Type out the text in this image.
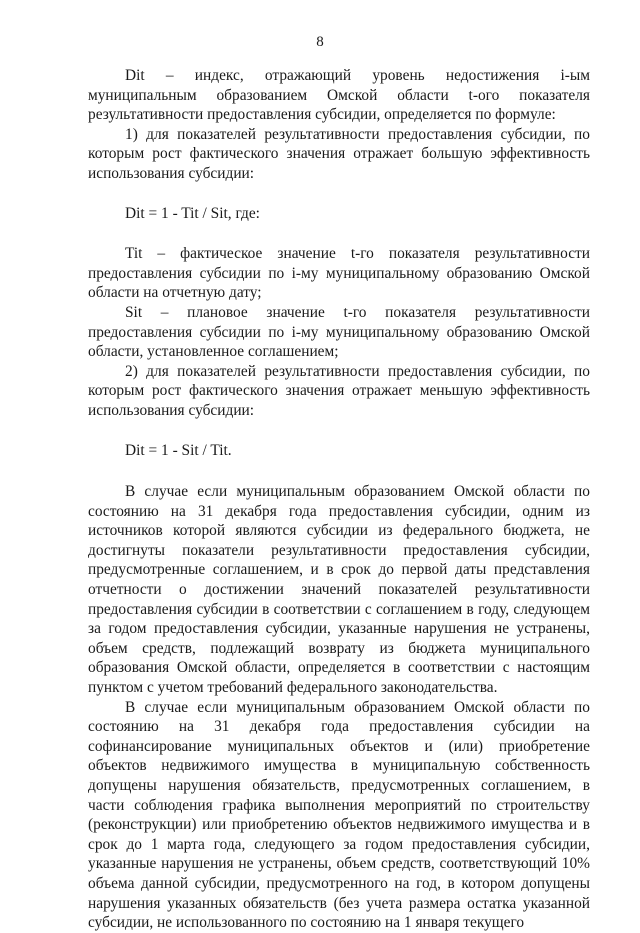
8

Dit – индекс, отражающий уровень недостижения i-ым муниципальным образованием Омской области t-ого показателя результативности предоставления субсидии, определяется по формуле:

1) для показателей результативности предоставления субсидии, по которым рост фактического значения отражает большую эффективность использования субсидии:

Dit = 1 - Tit / Sit, где:

Tit – фактическое значение t-го показателя результативности предоставления субсидии по i-му муниципальному образованию Омской области на отчетную дату;

Sit – плановое значение t-го показателя результативности предоставления субсидии по i-му муниципальному образованию Омской области, установленное соглашением;

2) для показателей результативности предоставления субсидии, по которым рост фактического значения отражает меньшую эффективность использования субсидии:

Dit = 1 - Sit / Tit.

В случае если муниципальным образованием Омской области по состоянию на 31 декабря года предоставления субсидии, одним из источников которой являются субсидии из федерального бюджета, не достигнуты показатели результативности предоставления субсидии, предусмотренные соглашением, и в срок до первой даты представления отчетности о достижении значений показателей результативности предоставления субсидии в соответствии с соглашением в году, следующем за годом предоставления субсидии, указанные нарушения не устранены, объем средств, подлежащий возврату из бюджета муниципального образования Омской области, определяется в соответствии с настоящим пунктом с учетом требований федерального законодательства.

В случае если муниципальным образованием Омской области по состоянию на 31 декабря года предоставления субсидии на софинансирование муниципальных объектов и (или) приобретение объектов недвижимого имущества в муниципальную собственность допущены нарушения обязательств, предусмотренных соглашением, в части соблюдения графика выполнения мероприятий по строительству (реконструкции) или приобретению объектов недвижимого имущества и в срок до 1 марта года, следующего за годом предоставления субсидии, указанные нарушения не устранены, объем средств, соответствующий 10% объема данной субсидии, предусмотренного на год, в котором допущены нарушения указанных обязательств (без учета размера остатка указанной субсидии, не использованного по состоянию на 1 января текущего
